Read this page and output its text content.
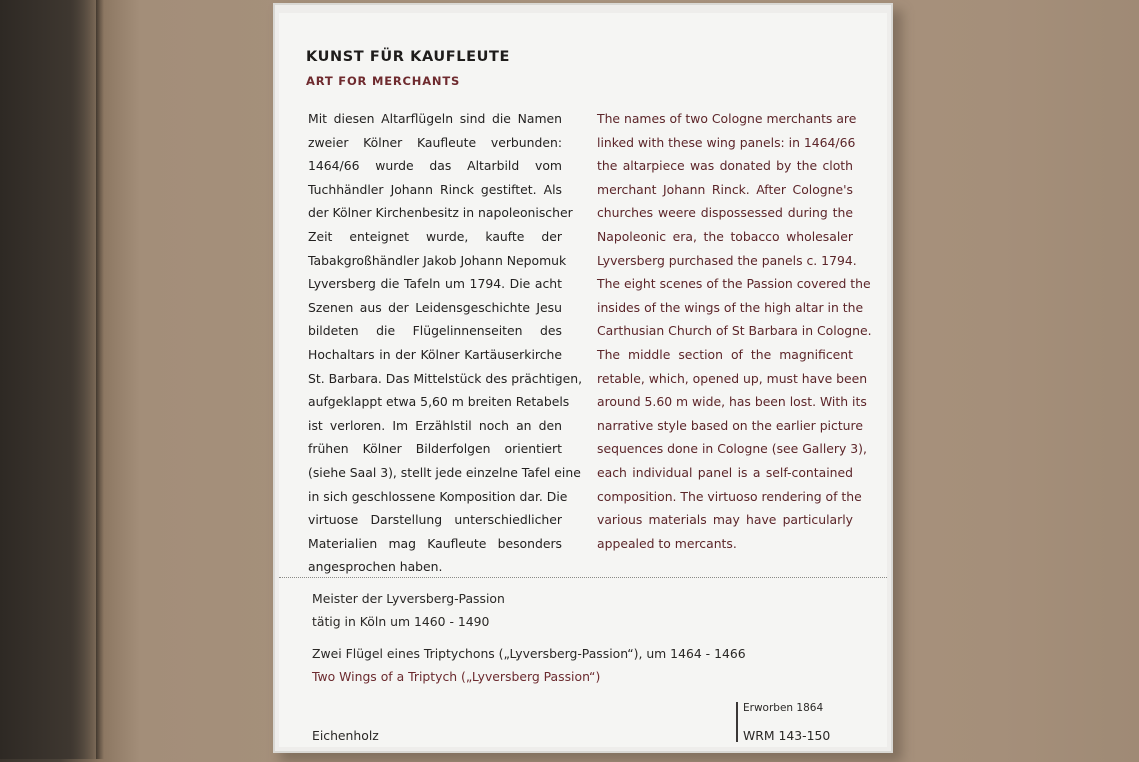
KUNST FÜR KAUFLEUTE
ART FOR MERCHANTS
Mit diesen Altarflügeln sind die Namen
zweier Kölner Kaufleute verbunden:
1464/66 wurde das Altarbild vom
Tuchhändler Johann Rinck gestiftet. Als
der Kölner Kirchenbesitz in napoleonischer
Zeit enteignet wurde, kaufte der
Tabakgroßhändler Jakob Johann Nepomuk
Lyversberg die Tafeln um 1794. Die acht
Szenen aus der Leidensgeschichte Jesu
bildeten die Flügelinnenseiten des
Hochaltars in der Kölner Kartäuserkirche
St. Barbara. Das Mittelstück des prächtigen,
aufgeklappt etwa 5,60 m breiten Retabels
ist verloren. Im Erzählstil noch an den
frühen Kölner Bilderfolgen orientiert
(siehe Saal 3), stellt jede einzelne Tafel eine
in sich geschlossene Komposition dar. Die
virtuose Darstellung unterschiedlicher
Materialien mag Kaufleute besonders
angesprochen haben.
The names of two Cologne merchants are
linked with these wing panels: in 1464/66
the altarpiece was donated by the cloth
merchant Johann Rinck. After Cologne's
churches weere dispossessed during the
Napoleonic era, the tobacco wholesaler
Lyversberg purchased the panels c. 1794.
The eight scenes of the Passion covered the
insides of the wings of the high altar in the
Carthusian Church of St Barbara in Cologne.
The middle section of the magnificent
retable, which, opened up, must have been
around 5.60 m wide, has been lost. With its
narrative style based on the earlier picture
sequences done in Cologne (see Gallery 3),
each individual panel is a self-contained
composition. The virtuoso rendering of the
various materials may have particularly
appealed to mercants.
Meister der Lyversberg-Passion
tätig in Köln um 1460 - 1490
Zwei Flügel eines Triptychons („Lyversberg-Passion“), um 1464 - 1466
Two Wings of a Triptych („Lyversberg Passion“)
Eichenholz
Erworben 1864
WRM 143-150
